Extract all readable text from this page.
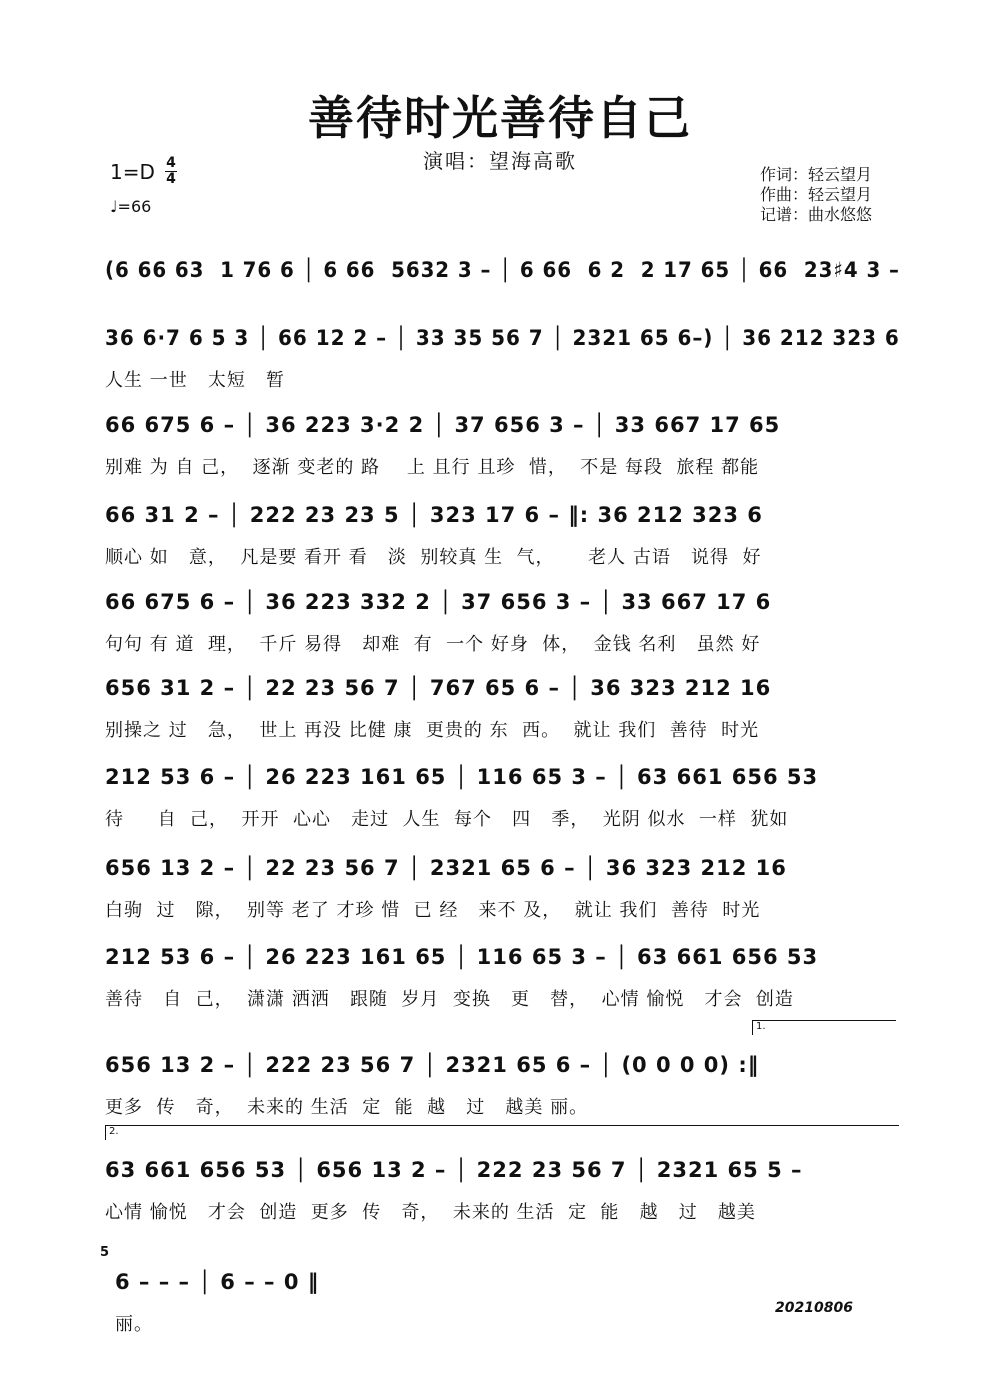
善待时光善待自己
演唱：望海高歌
1=D 4
4
♩=66
作词：轻云望月
作曲：轻云望月
记谱：曲水悠悠
(6 66 63  1 76 6 │ 6 66  5632 3 – │ 6 66  6 2  2 17 65 │ 66  23♯4 3 –
36 6·7 6 5 3 │ 66 12 2 – │ 33 35 56 7 │ 2321 65 6–) │ 36 212 323 6
人生 一世   太短   暂
66 675 6 – │ 36 223 3·2 2 │ 37 656 3 – │ 33 667 17 65
别难 为 自 己，  逐渐 变老的 路    上 且行 且珍  惜，  不是 每段  旅程 都能
66 31 2 – │ 222 23 23 5 │ 323 17 6 – ‖: 36 212 323 6
顺心 如   意，  凡是要 看开 看   淡  别较真 生  气，     老人 古语   说得  好
66 675 6 – │ 36 223 332 2 │ 37 656 3 – │ 33 667 17 6
句句 有 道  理，  千斤 易得   却难  有  一个 好身  体，  金钱 名利   虽然 好
656 31 2 – │ 22 23 56 7 │ 767 65 6 – │ 36 323 212 16
别操之 过   急，  世上 再没 比健 康  更贵的 东  西。  就让 我们  善待  时光
212 53 6 – │ 26 223 161 65 │ 116 65 3 – │ 63 661 656 53
待     自  己，  开开  心心   走过  人生  每个   四   季，  光阴 似水  一样  犹如
656 13 2 – │ 22 23 56 7 │ 2321 65 6 – │ 36 323 212 16
白驹  过   隙，  别等 老了 才珍 惜  已 经   来不 及，  就让 我们  善待  时光
212 53 6 – │ 26 223 161 65 │ 116 65 3 – │ 63 661 656 53
善待   自  己，  潇潇 洒洒   跟随  岁月  变换   更   替，  心情 愉悦   才会  创造
656 13 2 – │ 222 23 56 7 │ 2321 65 6 – │ (0 0 0 0) :‖
更多  传   奇，  未来的 生活  定  能  越   过   越美 丽。
63 661 656 53 │ 656 13 2 – │ 222 23 56 7 │ 2321 65 5 –
心情 愉悦   才会  创造  更多  传   奇，  未来的 生活  定  能   越   过   越美
6 – – – │ 6 – – 0 ‖
丽。
1.
2.
5
20210806
